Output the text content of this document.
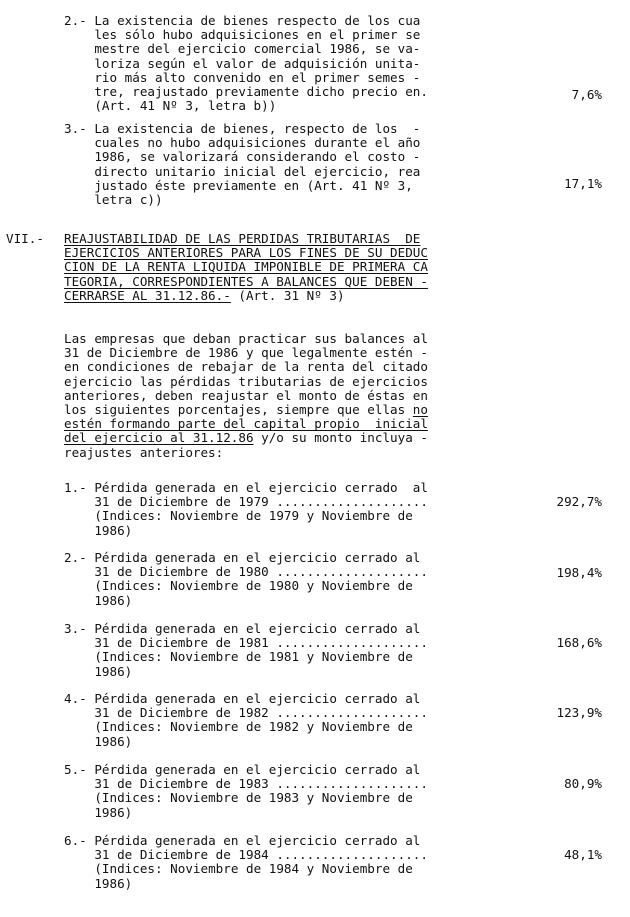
2.- La existencia de bienes respecto de los cua
les sólo hubo adquisiciones en el primer se
mestre del ejercicio comercial 1986, se va-
loriza según el valor de adquisición unita-
rio más alto convenido en el primer semes -
tre, reajustado previamente dicho precio en.
(Art. 41 Nº 3, letra b))
7,6%
3.- La existencia de bienes, respecto de los  -
cuales no hubo adquisiciones durante el año
1986, se valorizará considerando el costo -
directo unitario inicial del ejercicio, rea
justado éste previamente en (Art. 41 Nº 3,
letra c))
17,1%
VII.- REAJUSTABILIDAD DE LAS PERDIDAS TRIBUTARIAS  DE
EJERCICIOS ANTERIORES PARA LOS FINES DE SU DEDUC
CION DE LA RENTA LIQUIDA IMPONIBLE DE PRIMERA CA
TEGORIA, CORRESPONDIENTES A BALANCES QUE DEBEN -
CERRARSE AL 31.12.86.- (Art. 31 Nº 3)
Las empresas que deban practicar sus balances al
31 de Diciembre de 1986 y que legalmente estén -
en condiciones de rebajar de la renta del citado
ejercicio las pérdidas tributarias de ejercicios
anteriores, deben reajustar el monto de éstas en
los siguientes porcentajes, siempre que ellas no
estén formando parte del capital propio  inicial
del ejercicio al 31.12.86 y/o su monto incluya -
reajustes anteriores:
1.- Pérdida generada en el ejercicio cerrado  al
31 de Diciembre de 1979 ....................
(Indices: Noviembre de 1979 y Noviembre de
1986)
292,7%
2.- Pérdida generada en el ejercicio cerrado al
31 de Diciembre de 1980 ....................
(Indices: Noviembre de 1980 y Noviembre de
1986)
198,4%
3.- Pérdida generada en el ejercicio cerrado al
31 de Diciembre de 1981 ....................
(Indices: Noviembre de 1981 y Noviembre de
1986)
168,6%
4.- Pérdida generada en el ejercicio cerrado al
31 de Diciembre de 1982 ....................
(Indices: Noviembre de 1982 y Noviembre de
1986)
123,9%
5.- Pérdida generada en el ejercicio cerrado al
31 de Diciembre de 1983 ....................
(Indices: Noviembre de 1983 y Noviembre de
1986)
80,9%
6.- Pérdida generada en el ejercicio cerrado al
31 de Diciembre de 1984 ....................
(Indices: Noviembre de 1984 y Noviembre de
1986)
48,1%
